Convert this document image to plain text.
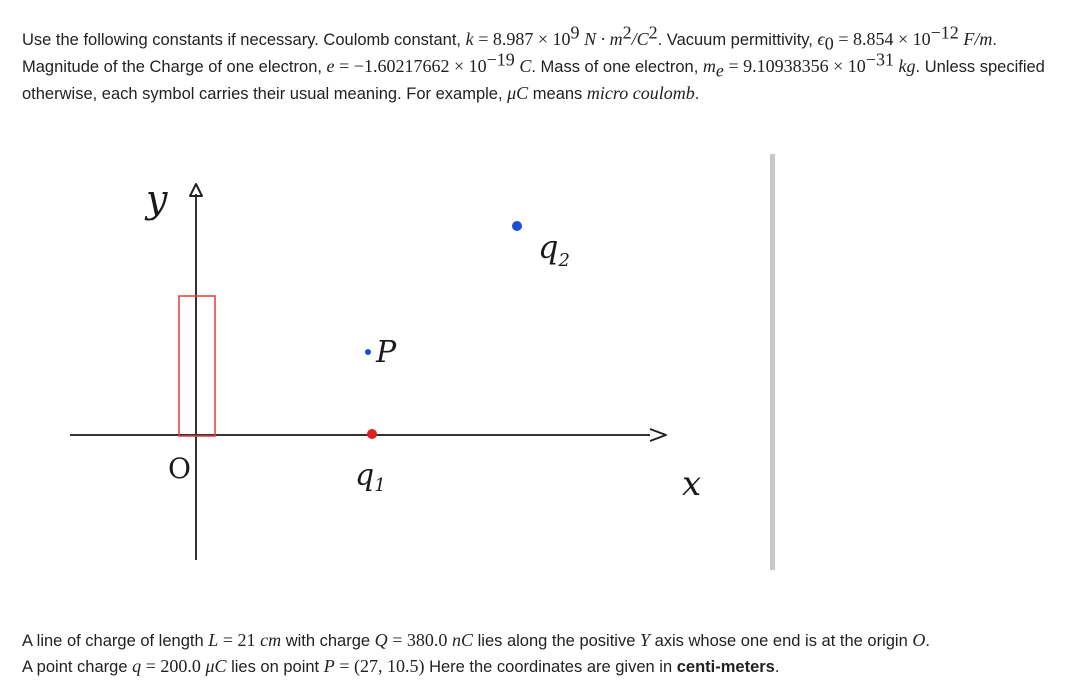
Use the following constants if necessary. Coulomb constant, $k = 8.987 \times 10^9$ $N \cdot m^2/C^2$. Vacuum permittivity, $\epsilon_0 = 8.854 \times 10^{-12}$ F/m. Magnitude of the Charge of one electron, $e = -1.60217662 \times 10^{-19}$ C. Mass of one electron, $m_e = 9.10938356 \times 10^{-31}$ kg. Unless specified otherwise, each symbol carries their usual meaning. For example, μC means micro coulomb.
y
x
O
P
$q_1$
$q_2$
A line of charge of length L = 21 cm with charge Q = 380.0 nC lies along the positive Y axis whose one end is at the origin O.
A point charge q = 200.0 μC lies on point P = (27, 10.5) Here the coordinates are given in centi-meters.
